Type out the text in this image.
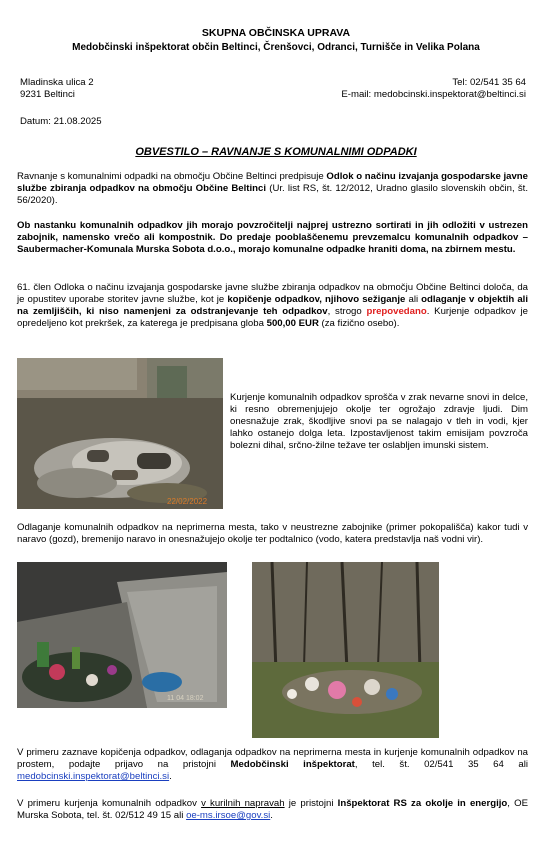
SKUPNA OBČINSKA UPRAVA
Medobčinski inšpektorat občin Beltinci, Črenšovci, Odranci, Turnišče in Velika Polana
Mladinska ulica 2
9231 Beltinci
Tel: 02/541 35 64
E-mail: medobcinski.inspektorat@beltinci.si
Datum: 21.08.2025
OBVESTILO – RAVNANJE S KOMUNALNIMI ODPADKI
Ravnanje s komunalnimi odpadki na območju Občine Beltinci predpisuje Odlok o načinu izvajanja gospodarske javne službe zbiranja odpadkov na območju Občine Beltinci (Ur. list RS, št. 12/2012, Uradno glasilo slovenskih občin, št. 56/2020).
Ob nastanku komunalnih odpadkov jih morajo povzročitelji najprej ustrezno sortirati in jih odložiti v ustrezen zabojnik, namensko vrečo ali kompostnik. Do predaje pooblaščenemu prevzemalcu komunalnih odpadkov – Saubermacher-Komunala Murska Sobota d.o.o., morajo komunalne odpadke hraniti doma, na zbirnem mestu.
61. člen Odloka o načinu izvajanja gospodarske javne službe zbiranja odpadkov na območju Občine Beltinci določa, da je opustitev uporabe storitev javne službe, kot je kopičenje odpadkov, njihovo sežiganje ali odlaganje v objektih ali na zemljiščih, ki niso namenjeni za odstranjevanje teh odpadkov, strogo prepovedano. Kurjenje odpadkov je opredeljeno kot prekršek, za katerega je predpisana globa 500,00 EUR (za fizično osebo).
22/02/2022
Kurjenje komunalnih odpadkov sprošča v zrak nevarne snovi in delce, ki resno obremenjujejo okolje ter ogrožajo zdravje ljudi. Dim onesnažuje zrak, škodljive snovi pa se nalagajo v tleh in vodi, kjer lahko ostanejo dolga leta. Izpostavljenost takim emisijam povzroča bolezni dihal, srčno-žilne težave ter oslabljen imunski sistem.
Odlaganje komunalnih odpadkov na neprimerna mesta, tako v neustrezne zabojnike (primer pokopališča) kakor tudi v naravo (gozd), bremenijo naravo in onesnažujejo okolje ter podtalnico (vodo, katera predstavlja naš vodni vir).
11 04 18:02
V primeru zaznave kopičenja odpadkov, odlaganja odpadkov na neprimerna mesta in kurjenje komunalnih odpadkov na prostem, podajte prijavo na pristojni Medobčinski inšpektorat, tel. št. 02/541 35 64 ali medobcinski.inspektorat@beltinci.si.
V primeru kurjenja komunalnih odpadkov v kurilnih napravah je pristojni Inšpektorat RS za okolje in energijo, OE Murska Sobota, tel. št. 02/512 49 15 ali oe-ms.irsoe@gov.si.
